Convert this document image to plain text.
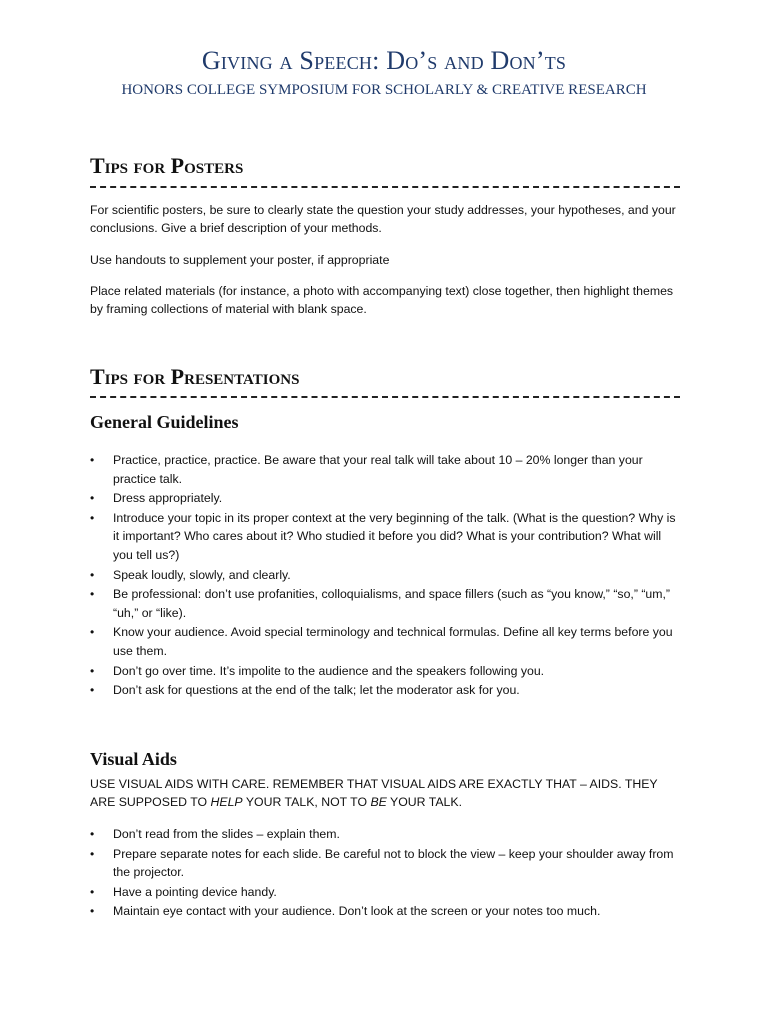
Giving a Speech: Do’s and Don’ts
HONORS COLLEGE SYMPOSIUM FOR SCHOLARLY & CREATIVE RESEARCH
Tips for Posters
For scientific posters, be sure to clearly state the question your study addresses, your hypotheses, and your conclusions. Give a brief description of your methods.
Use handouts to supplement your poster, if appropriate
Place related materials (for instance, a photo with accompanying text) close together, then highlight themes by framing collections of material with blank space.
Tips for Presentations
General Guidelines
• Practice, practice, practice. Be aware that your real talk will take about 10 – 20% longer than your practice talk.
• Dress appropriately.
• Introduce your topic in its proper context at the very beginning of the talk. (What is the question? Why is it important? Who cares about it? Who studied it before you did? What is your contribution? What will you tell us?)
• Speak loudly, slowly, and clearly.
• Be professional: don’t use profanities, colloquialisms, and space fillers (such as “you know,” “so,” “um,” “uh,” or “like).
• Know your audience. Avoid special terminology and technical formulas. Define all key terms before you use them.
• Don’t go over time. It’s impolite to the audience and the speakers following you.
• Don’t ask for questions at the end of the talk; let the moderator ask for you.
Visual Aids
USE VISUAL AIDS WITH CARE. REMEMBER THAT VISUAL AIDS ARE EXACTLY THAT – AIDS. THEY ARE SUPPOSED TO HELP YOUR TALK, NOT TO BE YOUR TALK.
• Don’t read from the slides – explain them.
• Prepare separate notes for each slide. Be careful not to block the view – keep your shoulder away from the projector.
• Have a pointing device handy.
• Maintain eye contact with your audience. Don’t look at the screen or your notes too much.
